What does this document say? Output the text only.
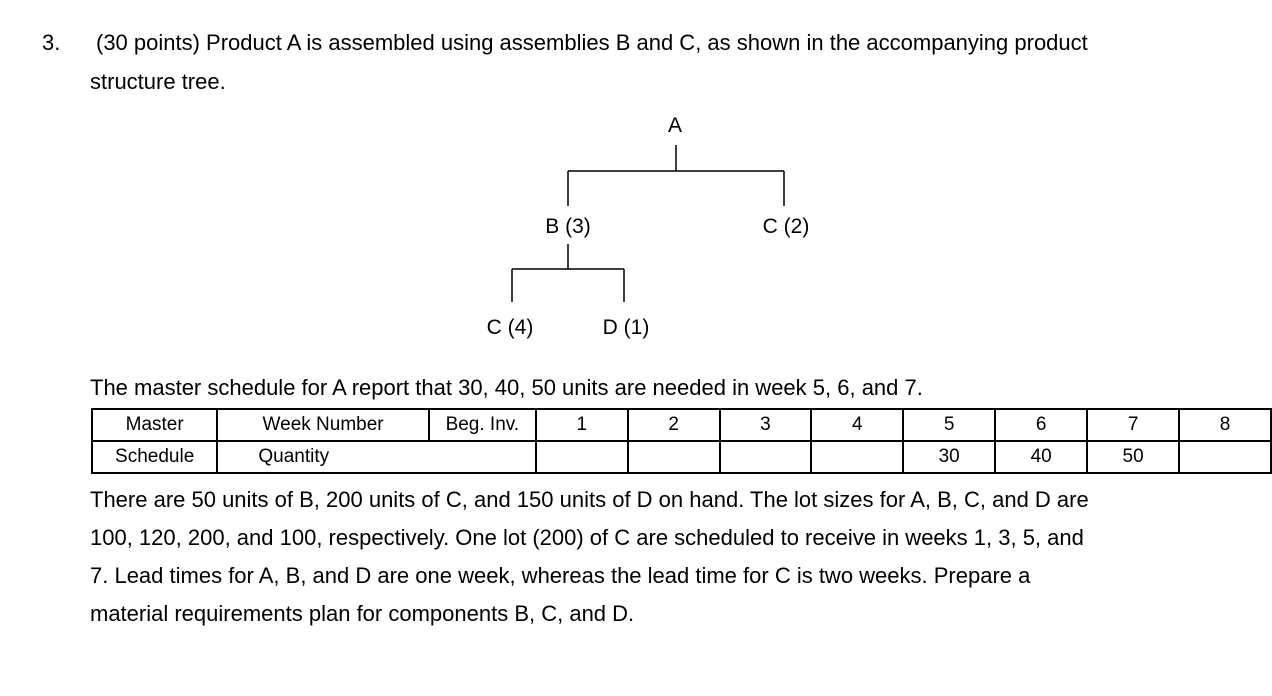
3. (30 points) Product A is assembled using assemblies B and C, as shown in the accompanying product
structure tree.
A
B (3)	C (2)
C (4)	D (1)
The master schedule for A report that 30, 40, 50 units are needed in week 5, 6, and 7.
Master	Week Number	Beg. Inv.	1	2	3	4	5	6	7	8
Schedule	Quantity						30	40	50	
There are 50 units of B, 200 units of C, and 150 units of D on hand. The lot sizes for A, B, C, and D are
100, 120, 200, and 100, respectively. One lot (200) of C are scheduled to receive in weeks 1, 3, 5, and
7. Lead times for A, B, and D are one week, whereas the lead time for C is two weeks. Prepare a
material requirements plan for components B, C, and D.
